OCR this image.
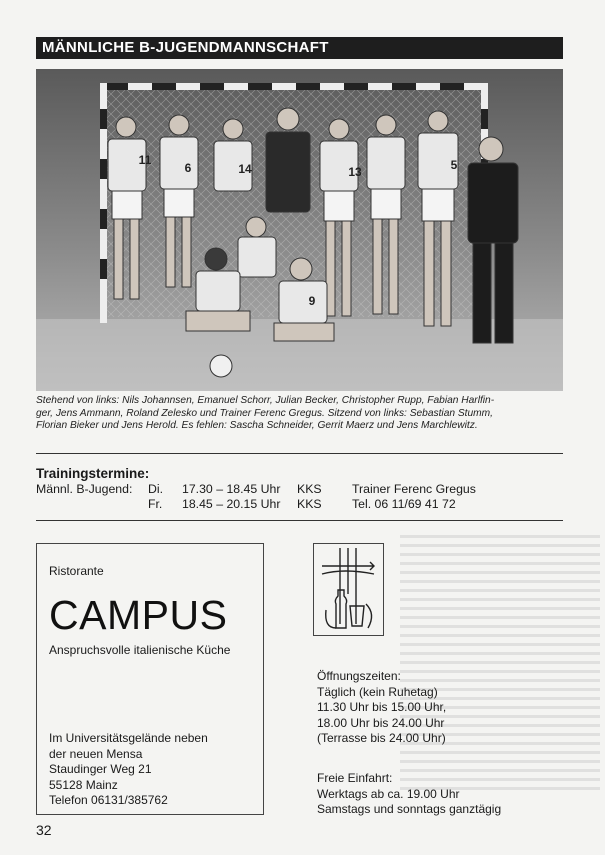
MÄNNLICHE B-JUGENDMANNSCHAFT
11
6	14	13	5
9
Stehend von links: Nils Johannsen, Emanuel Schorr, Julian Becker, Christopher Rupp, Fabian Harlfin-
ger, Jens Ammann, Roland Zelesko und Trainer Ferenc Gregus. Sitzend von links: Sebastian Stumm,
Florian Bieker und Jens Herold. Es fehlen: Sascha Schneider, Gerrit Maerz und Jens Marchlewitz.
Trainingstermine:
Männl. B-Jugend: Di. 17.30 – 18.45 Uhr KKS Trainer Ferenc Gregus
Fr. 18.45 – 20.15 Uhr KKS Tel. 06 11/69 41 72
Ristorante
CAMPUS
Anspruchsvolle italienische Küche
Im Universitätsgelände neben
der neuen Mensa
Staudinger Weg 21
55128 Mainz
Telefon 06131/385762
Öffnungszeiten:
Täglich (kein Ruhetag)
11.30 Uhr bis 15.00 Uhr,
18.00 Uhr bis 24.00 Uhr
(Terrasse bis 24.00 Uhr)
Freie Einfahrt:
Werktags ab ca. 19.00 Uhr
Samstags und sonntags ganztägig
32
